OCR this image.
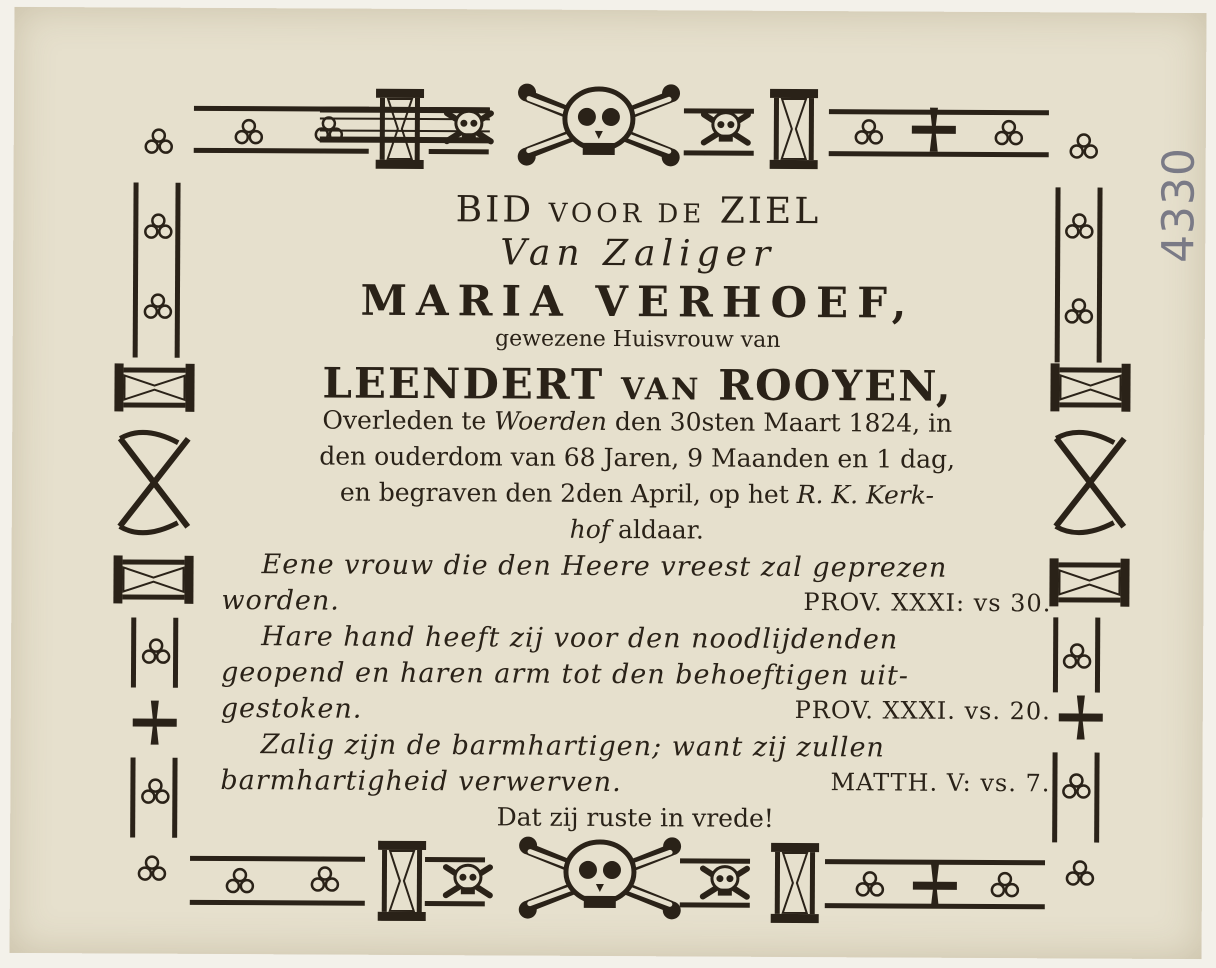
4330
BID VOOR DE ZIEL
Van Zaliger
MARIA VERHOEF,
gewezene Huisvrouw van
LEENDERT VAN ROOYEN,
Overleden te Woerden den 30sten Maart 1824, in
den ouderdom van 68 Jaren, 9 Maanden en 1 dag,
en begraven den 2den April, op het R. K. Kerk-
hof aldaar.
Eene vrouw die den Heere vreest zal geprezen
worden.	PROV. XXXI: vs 30.
Hare hand heeft zij voor den noodlijdenden
geopend en haren arm tot den behoeftigen uit-
gestoken.	PROV. XXXI. vs. 20.
Zalig zijn de barmhartigen; want zij zullen
barmhartigheid verwerven.	MATTH. V: vs. 7.
Dat zij ruste in vrede!
